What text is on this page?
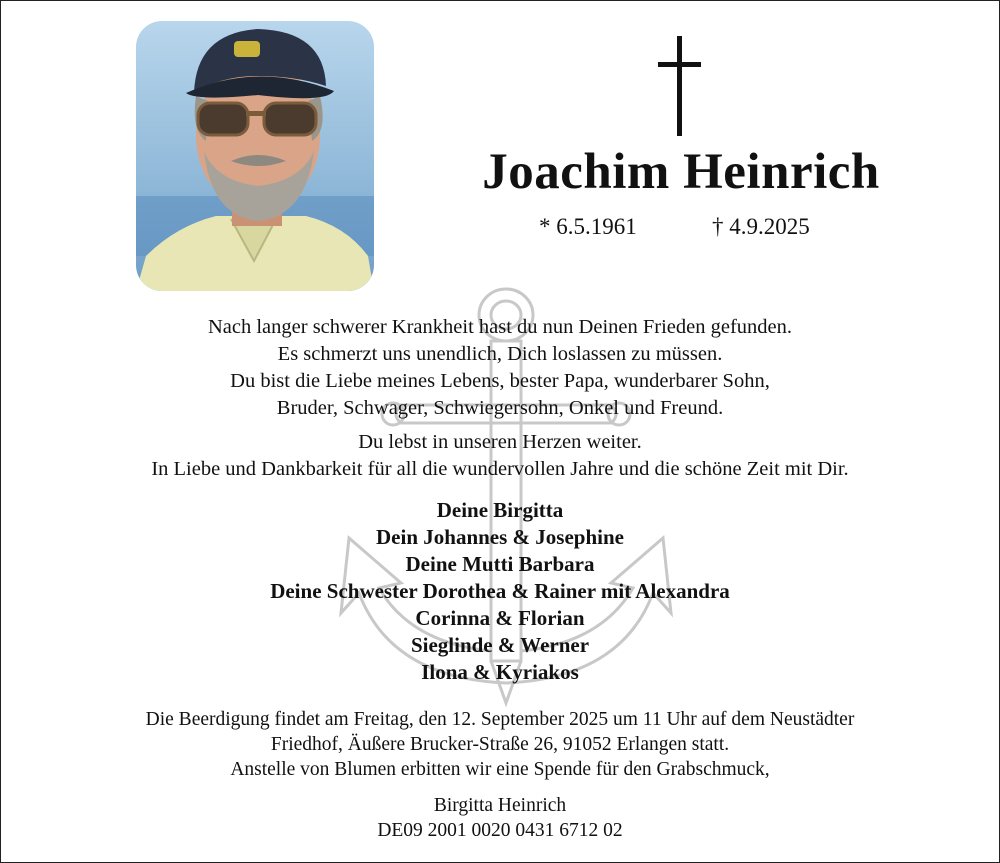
Joachim Heinrich
* 6.5.1961	† 4.9.2025
Nach langer schwerer Krankheit hast du nun Deinen Frieden gefunden.
Es schmerzt uns unendlich, Dich loslassen zu müssen.
Du bist die Liebe meines Lebens, bester Papa, wunderbarer Sohn,
Bruder, Schwager, Schwiegersohn, Onkel und Freund.
Du lebst in unseren Herzen weiter.
In Liebe und Dankbarkeit für all die wundervollen Jahre und die schöne Zeit mit Dir.
Deine Birgitta
Dein Johannes & Josephine
Deine Mutti Barbara
Deine Schwester Dorothea & Rainer mit Alexandra
Corinna & Florian
Sieglinde & Werner
Ilona & Kyriakos
Die Beerdigung findet am Freitag, den 12. September 2025 um 11 Uhr auf dem Neustädter
Friedhof, Äußere Brucker-Straße 26, 91052 Erlangen statt.
Anstelle von Blumen erbitten wir eine Spende für den Grabschmuck,
Birgitta Heinrich
DE09 2001 0020 0431 6712 02
